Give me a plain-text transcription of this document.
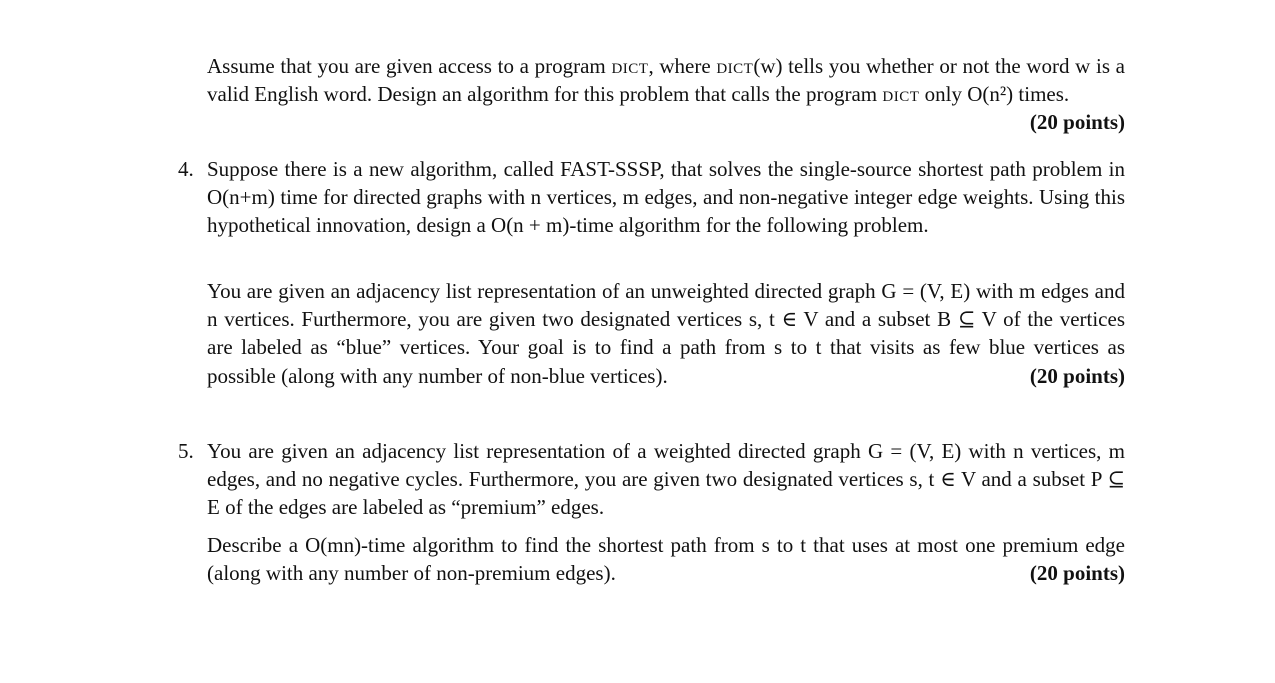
Assume that you are given access to a program dict, where dict(w) tells you whether or not the word w is a valid English word. Design an algorithm for this problem that calls the program dict only O(n²) times.
(20 points)

4. Suppose there is a new algorithm, called FAST-SSSP, that solves the single-source shortest path problem in O(n+m) time for directed graphs with n vertices, m edges, and non-negative integer edge weights. Using this hypothetical innovation, design a O(n + m)-time algorithm for the following problem.

You are given an adjacency list representation of an unweighted directed graph G = (V, E) with m edges and n vertices. Furthermore, you are given two designated vertices s, t ∈ V and a subset B ⊆ V of the vertices are labeled as “blue” vertices. Your goal is to find a path from s to t that visits as few blue vertices as possible (along with any number of non-blue vertices).	(20 points)

5. You are given an adjacency list representation of a weighted directed graph G = (V, E) with n vertices, m edges, and no negative cycles. Furthermore, you are given two designated vertices s, t ∈ V and a subset P ⊆ E of the edges are labeled as “premium” edges.

Describe a O(mn)-time algorithm to find the shortest path from s to t that uses at most one premium edge (along with any number of non-premium edges).	(20 points)
